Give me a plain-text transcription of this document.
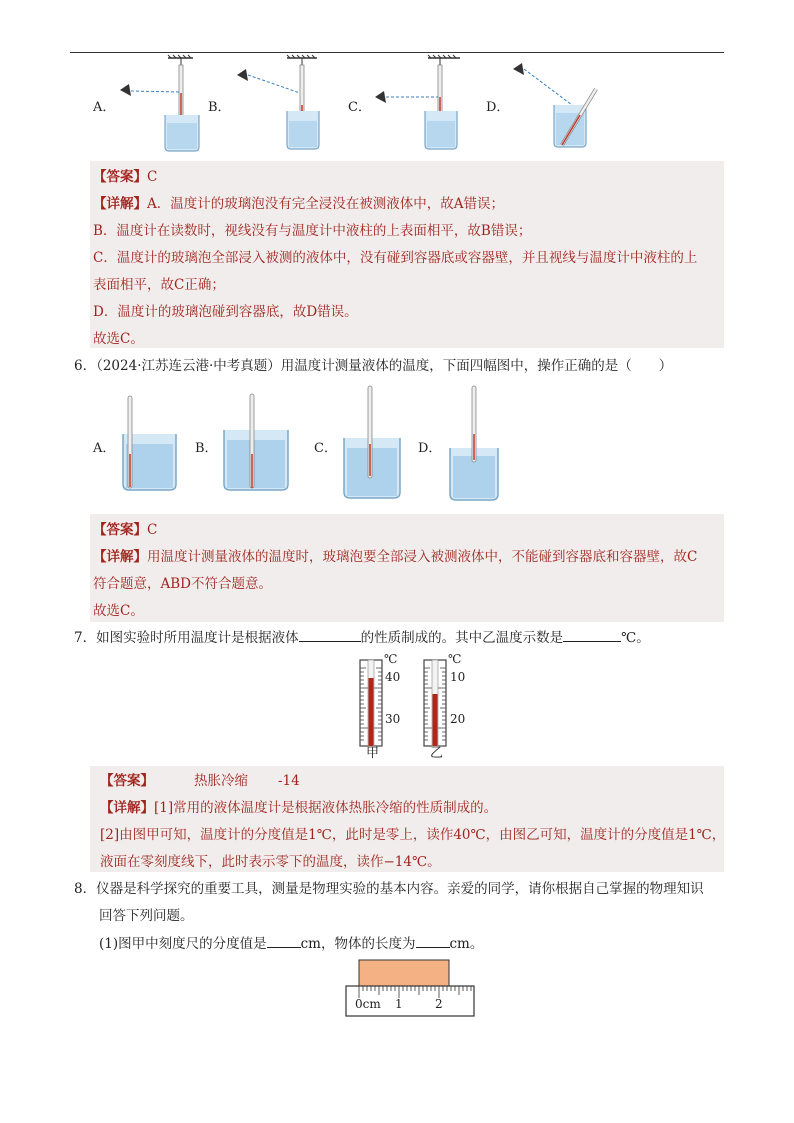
A．	B．	C．	D．
【答案】C
【详解】A．温度计的玻璃泡没有完全浸没在被测液体中，故A错误；
B．温度计在读数时，视线没有与温度计中液柱的上表面相平，故B错误；
C．温度计的玻璃泡全部浸入被测的液体中，没有碰到容器底或容器壁，并且视线与温度计中液柱的上
表面相平，故C正确；
D．温度计的玻璃泡碰到容器底，故D错误。
故选C。
6．（2024·江苏连云港·中考真题）用温度计测量液体的温度，下面四幅图中，操作正确的是（　　）
A．	B．	C．	D．
【答案】C
【详解】用温度计测量液体的温度时，玻璃泡要全部浸入被测液体中，不能碰到容器底和容器壁，故C
符合题意，ABD不符合题意。
故选C。
7．如图实验时所用温度计是根据液体	的性质制成的。其中乙温度示数是	℃。
℃
40
30
甲
℃
10
20
乙
【答案】	热胀冷缩 -14
【详解】[1]常用的液体温度计是根据液体热胀冷缩的性质制成的。
[2]由图甲可知，温度计的分度值是1℃，此时是零上，读作40℃，由图乙可知，温度计的分度值是1℃，
液面在零刻度线下，此时表示零下的温度，读作−14℃。
8．仪器是科学探究的重要工具，测量是物理实验的基本内容。亲爱的同学，请你根据自己掌握的物理知识
回答下列问题。
(1)图甲中刻度尺的分度值是	cm，物体的长度为	cm。
0cm 1	2
